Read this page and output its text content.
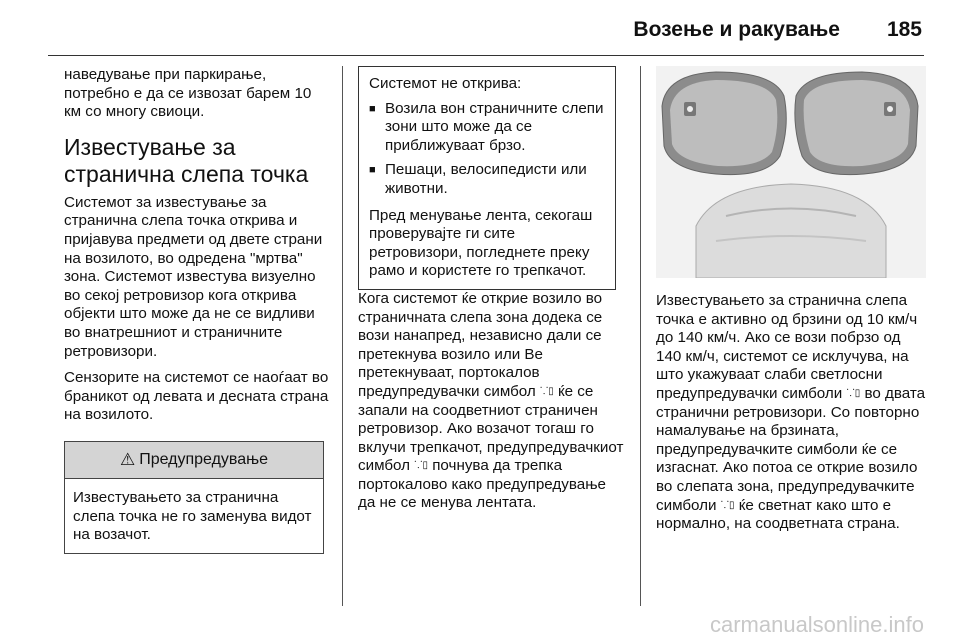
Возење и ракување 185

наведување при паркирање, потребно е да се извозат барем 10 км со многу свиоци.

Известување за странична слепа точка

Системот за известување за странична слепа точка открива и пријавува предмети од двете страни на возилото, во одредена "мртва" зона. Системот известува визуелно во секој ретровизор кога открива објекти што може да не се видливи во внатрешниот и страничните ретровизори.

Сензорите на системот се наоѓаат во браникот од левата и десната страна на возилото.

⚠ Предупредување
Известувањето за странична слепа точка не го заменува видот на возачот.

Системот не открива:

■ Возила вон страничните слепи зони што може да се приближуваат брзо.
■ Пешаци, велосипедисти или животни.

Пред менување лента, секогаш проверувајте ги сите ретровизори, погледнете преку рамо и користете го трепкачот.

Кога системот ќе открие возило во страничната слепа зона додека се вози нанапред, независно дали се претекнува возило или Ве претекнуваат, портокалов предупредувачки симбол ⸪▯ ќе се запали на соодветниот страничен ретровизор. Ако возачот тогаш го вклучи трепкачот, предупредувачкиот симбол ⸪▯ почнува да трепка портокалово како предупредување да не се менува лентата.

Известувањето за странична слепа точка е активно од брзини од 10 км/ч до 140 км/ч. Ако се вози побрзо од 140 км/ч, системот се исклучува, на што укажуваат слаби светлосни предупредувачки симболи ⸪▯ во двата странични ретровизори. Со повторно намалување на брзината, предупредувачките симболи ќе се изгаснат. Ако потоа се открие возило во слепата зона, предупредувачките симболи ⸪▯ ќе светнат како што е нормално, на соодветната страна.

carmanualsonline.info
